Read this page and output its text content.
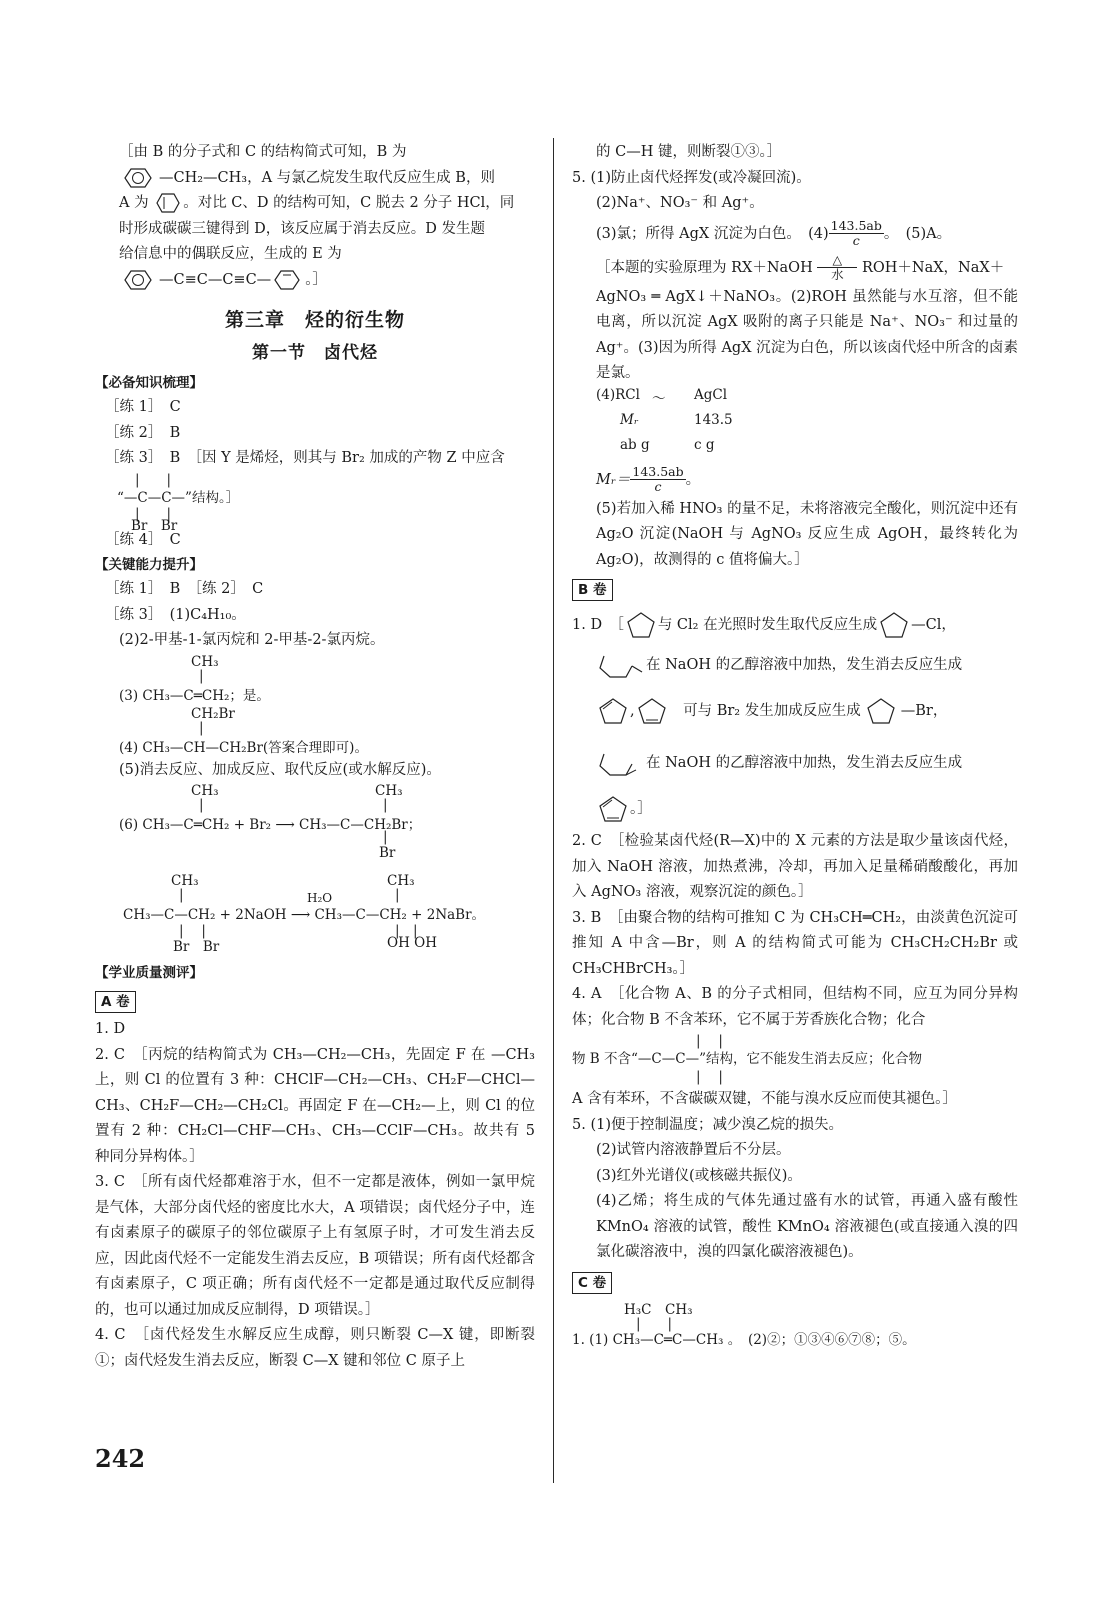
［由 B 的分子式和 C 的结构简式可知，B 为

—CH₂—CH₃，A 与氯乙烷发生取代反应生成 B，则

A 为 。对比 C、D 的结构可知，C 脱去 2 分子 HCl，同

时形成碳碳三键得到 D，该反应属于消去反应。D 发生题

给信息中的偶联反应，生成的 E 为

—C≡C—C≡C— 。］

第三章　烃的衍生物
第一节　卤代烃
【必备知识梳理】

［练 1］　C

［练 2］　B

［练 3］　B　［因 Y 是烯烃，则其与 Br₂ 加成的产物 Z 中应含

|　　|
“—C—C—”结构。］
|　　|
Br　Br

［练 4］　C

【关键能力提升】

［练 1］　B　［练 2］　C

［练 3］　(1)C₄H₁₀。

(2)2-甲基-1-氯丙烷和 2-甲基-2-氯丙烷。

CH₃
|
(3) CH₃—C═CH₂；是。
CH₂Br
|
(4) CH₃—CH—CH₂Br(答案合理即可)。

(5)消去反应、加成反应、取代反应(或水解反应)。

CH₃
|
CH₃
|
(6) CH₃—C═CH₂ + Br₂ ⟶ CH₃—C—CH₂Br；
|
Br
CH₃
|
CH₃
|
H₂O
CH₃—C—CH₂ + 2NaOH ⟶ CH₃—C—CH₂ + 2NaBr。
|　 |
Br　Br
|　|
OH OH
【学业质量测评】
A 卷

1. D

2. C　［丙烷的结构简式为 CH₃—CH₂—CH₃，先固定 F 在 —CH₃ 上，则 Cl 的位置有 3 种：CHClF—CH₂—CH₃、CH₂F—CHCl—CH₃、CH₂F—CH₂—CH₂Cl。再固定 F 在—CH₂—上，则 Cl 的位置有 2 种：CH₂Cl—CHF—CH₃、CH₃—CClF—CH₃。故共有 5 种同分异构体。］

3. C　［所有卤代烃都难溶于水，但不一定都是液体，例如一氯甲烷是气体，大部分卤代烃的密度比水大，A 项错误；卤代烃分子中，连有卤素原子的碳原子的邻位碳原子上有氢原子时，才可发生消去反应，因此卤代烃不一定能发生消去反应，B 项错误；所有卤代烃都含有卤素原子，C 项正确；所有卤代烃不一定都是通过取代反应制得的，也可以通过加成反应制得，D 项错误。］

4. C　［卤代烃发生水解反应生成醇，则只断裂 C—X 键，即断裂①；卤代烃发生消去反应，断裂 C—X 键和邻位 C 原子上

的 C—H 键，则断裂①③。］

5. (1)防止卤代烃挥发(或冷凝回流)。

(2)Na⁺、NO₃⁻ 和 Ag⁺。

(3)氯；所得 AgX 沉淀为白色。　$(4) \frac{143.5ab}{c}$ 。　(5)A。

［本题的实验原理为 RX＋NaOH $\frac{\triangle}{\text{水}} ROH+NaX$，NaX＋

AgNO₃ ═ AgX↓＋NaNO₃。(2)ROH 虽然能与水互溶，但不能电离，所以沉淀 AgX 吸附的离子只能是 Na⁺、NO₃⁻ 和过量的 Ag⁺。(3)因为所得 AgX 沉淀为白色，所以该卤代烃中所含的卤素是氯。

(4)RCl ～ AgCl
Mᵣ	143.5
ab g	c g

Mᵣ＝ $\frac{143.5ab}{c}$ 。

(5)若加入稀 HNO₃ 的量不足，未将溶液完全酸化，则沉淀中还有 Ag₂O 沉淀(NaOH 与 AgNO₃ 反应生成 AgOH，最终转化为 Ag₂O)，故测得的 c 值将偏大。］

B 卷

1. D　［ 与 Cl₂ 在光照时发生取代反应生成 —Cl，

在 NaOH 的乙醇溶液中加热，发生消去反应生成

,　	可与 Br₂ 发生加成反应生成	—Br，

在 NaOH 的乙醇溶液中加热，发生消去反应生成

。］

2. C　［检验某卤代烃(R—X)中的 X 元素的方法是取少量该卤代烃，加入 NaOH 溶液，加热煮沸，冷却，再加入足量稀硝酸酸化，再加入 AgNO₃ 溶液，观察沉淀的颜色。］

3. B　［由聚合物的结构可推知 C 为 CH₃CH═CH₂，由淡黄色沉淀可推知 A 中含—Br，则 A 的结构简式可能为 CH₃CH₂CH₂Br 或 CH₃CHBrCH₃。］

4. A　［化合物 A、B 的分子式相同，但结构不同，应互为同分异构体；化合物 B 不含苯环，它不属于芳香族化合物；化合

|　 |
物 B 不含“—C—C—”结构，它不能发生消去反应；化合物
|　 |

A 含有苯环，不含碳碳双键，不能与溴水反应而使其褪色。］

5. (1)便于控制温度；减少溴乙烷的损失。

(2)试管内溶液静置后不分层。

(3)红外光谱仪(或核磁共振仪)。

(4)乙烯；将生成的气体先通过盛有水的试管，再通入盛有酸性 KMnO₄ 溶液的试管，酸性 KMnO₄ 溶液褪色(或直接通入溴的四氯化碳溶液中，溴的四氯化碳溶液褪色)。

C 卷
H₃C　CH₃
|　　|
1. (1) CH₃—C═C—CH₃ 。　(2)②；①③④⑥⑦⑧；⑤。
242
